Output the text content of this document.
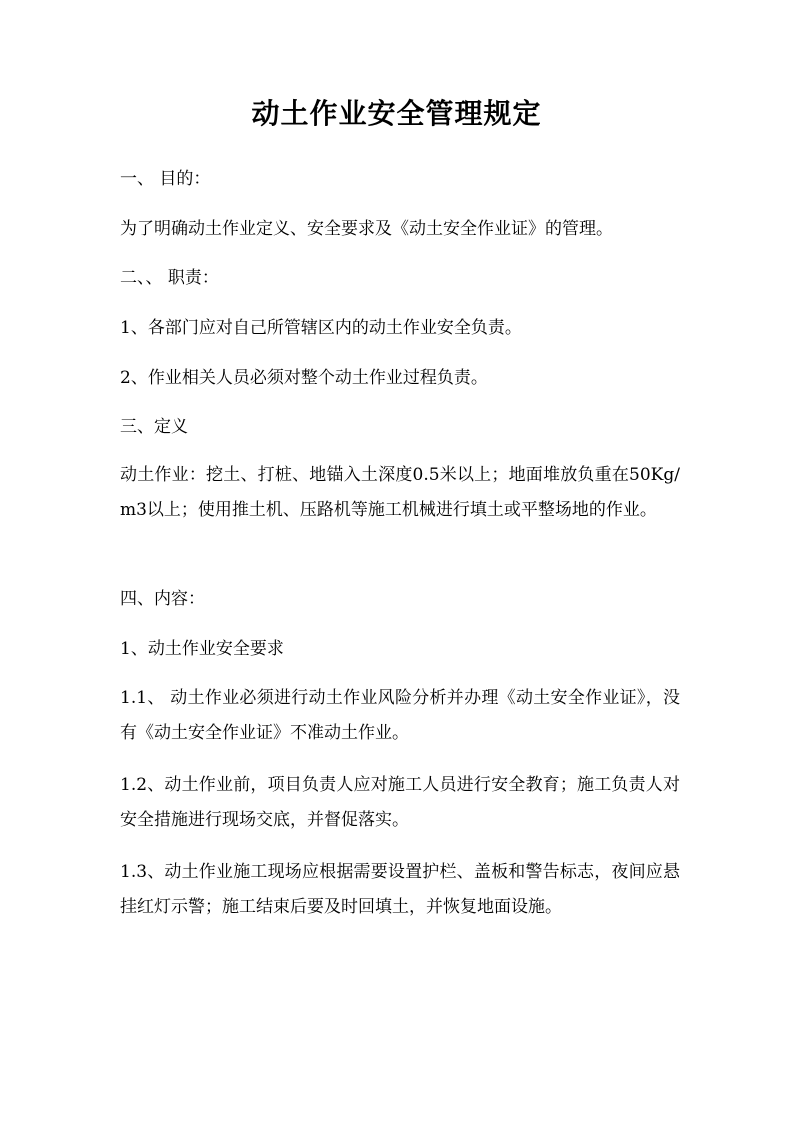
动土作业安全管理规定
一、 目的：
为了明确动土作业定义、安全要求及《动土安全作业证》的管理。
二、、 职责：
1、各部门应对自己所管辖区内的动土作业安全负责。
2、作业相关人员必须对整个动土作业过程负责。
三、定义
动土作业：挖土、打桩、地锚入土深度0.5米以上；地面堆放负重在50Kg/m3以上；使用推土机、压路机等施工机械进行填土或平整场地的作业。
四、内容：
1、动土作业安全要求
1.1、 动土作业必须进行动土作业风险分析并办理《动土安全作业证》，没有《动土安全作业证》不准动土作业。
1.2、动土作业前，项目负责人应对施工人员进行安全教育；施工负责人对安全措施进行现场交底，并督促落实。
1.3、动土作业施工现场应根据需要设置护栏、盖板和警告标志，夜间应悬挂红灯示警；施工结束后要及时回填土，并恢复地面设施。
